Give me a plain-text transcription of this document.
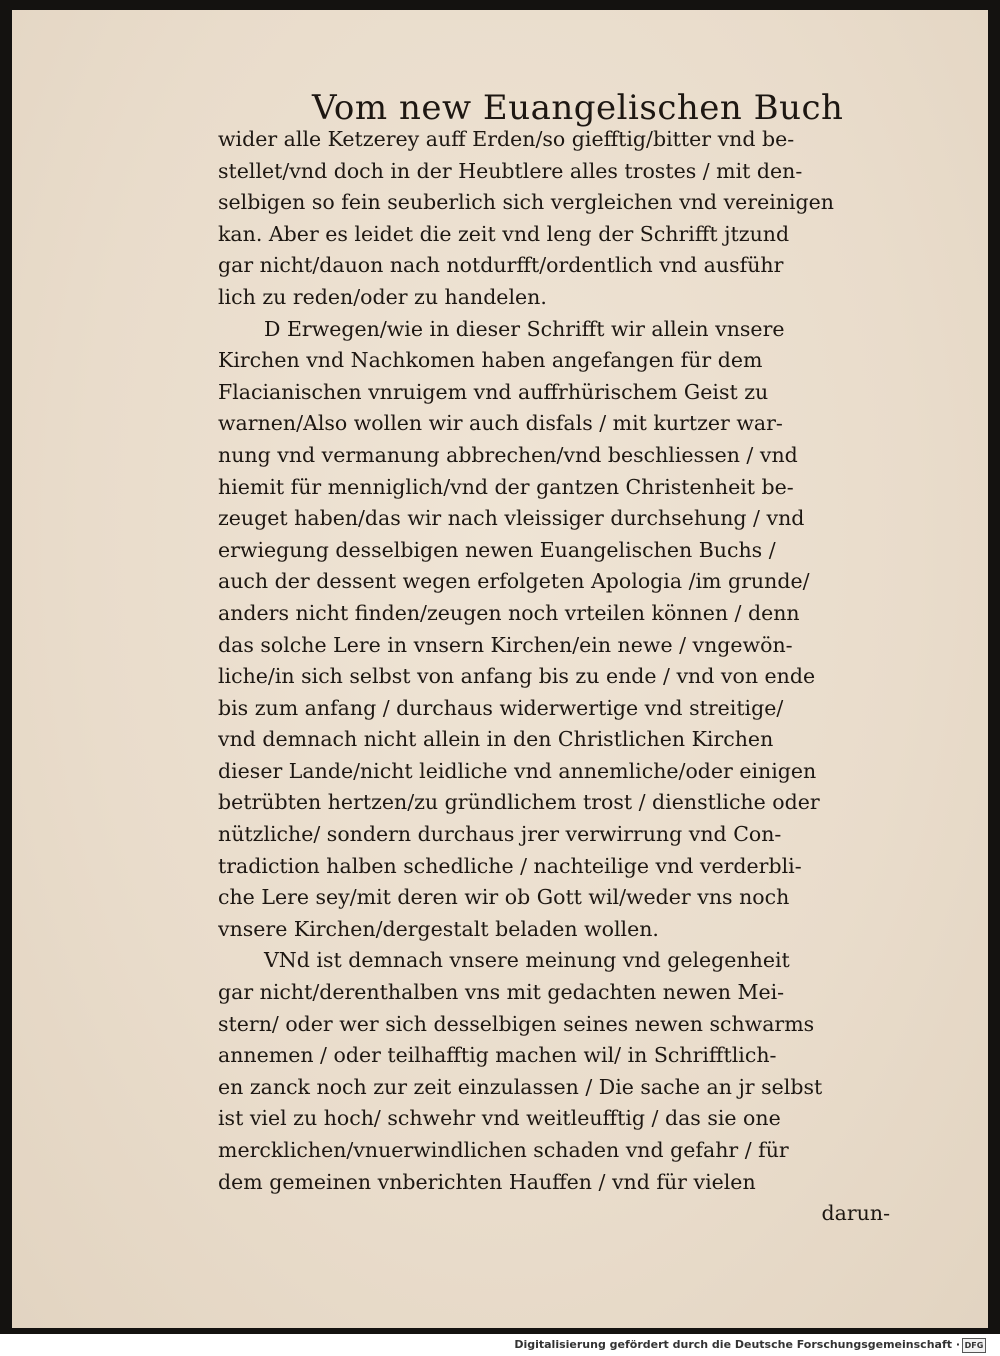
Vom new Euangelischen Buch
wider alle Ketzerey auff Erden/so giefftig/bitter vnd be-
stellet/vnd doch in der Heubtlere alles trostes / mit den-
selbigen so fein seuberlich sich vergleichen vnd vereinigen
kan. Aber es leidet die zeit vnd leng der Schrifft jtzund
gar nicht/dauon nach notdurfft/ordentlich vnd ausführ
lich zu reden/oder zu handelen.
D Erwegen/wie in dieser Schrifft wir allein vnsere
Kirchen vnd Nachkomen haben angefangen für dem
Flacianischen vnruigem vnd auffrhürischem Geist zu
warnen/Also wollen wir auch disfals / mit kurtzer war-
nung vnd vermanung abbrechen/vnd beschliessen / vnd
hiemit für menniglich/vnd der gantzen Christenheit be-
zeuget haben/das wir nach vleissiger durchsehung / vnd
erwiegung desselbigen newen Euangelischen Buchs /
auch der dessent wegen erfolgeten Apologia /im grunde/
anders nicht finden/zeugen noch vrteilen können / denn
das solche Lere in vnsern Kirchen/ein newe / vngewön-
liche/in sich selbst von anfang bis zu ende / vnd von ende
bis zum anfang / durchaus widerwertige vnd streitige/
vnd demnach nicht allein in den Christlichen Kirchen
dieser Lande/nicht leidliche vnd annemliche/oder einigen
betrübten hertzen/zu gründlichem trost / dienstliche oder
nützliche/ sondern durchaus jrer verwirrung vnd Con-
tradiction halben schedliche / nachteilige vnd verderbli-
che Lere sey/mit deren wir ob Gott wil/weder vns noch
vnsere Kirchen/dergestalt beladen wollen.
VNd ist demnach vnsere meinung vnd gelegenheit
gar nicht/derenthalben vns mit gedachten newen Mei-
stern/ oder wer sich desselbigen seines newen schwarms
annemen / oder teilhafftig machen wil/ in Schrifftlich-
en zanck noch zur zeit einzulassen / Die sache an jr selbst
ist viel zu hoch/ schwehr vnd weitleufftig / das sie one
mercklichen/vnuerwindlichen schaden vnd gefahr / für
dem gemeinen vnberichten Hauffen / vnd für vielen
darun-
Digitalisierung gefördert durch die Deutsche Forschungsgemeinschaft · DFG
